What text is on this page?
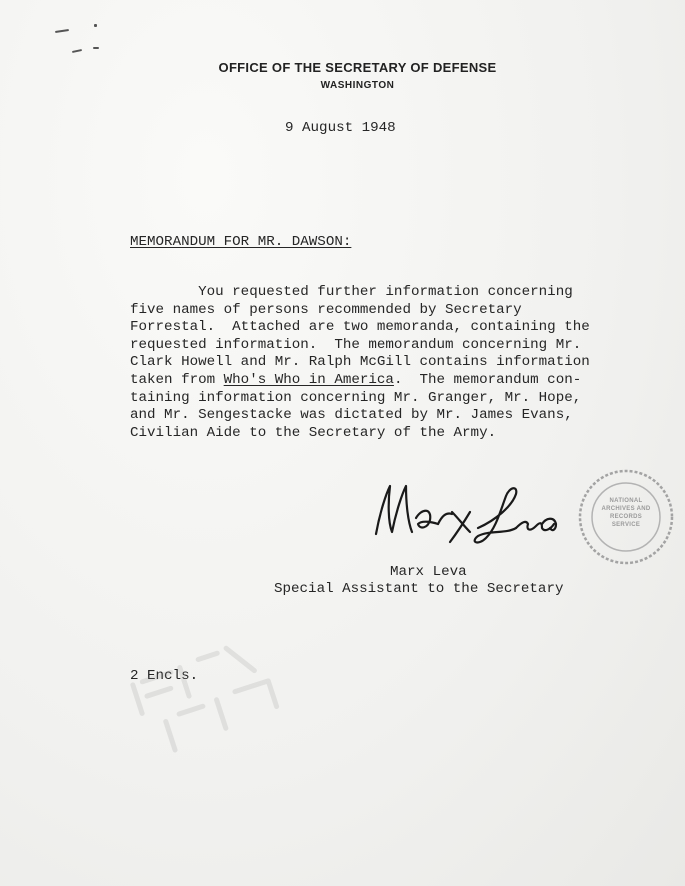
OFFICE OF THE SECRETARY OF DEFENSE
WASHINGTON
9 August 1948
MEMORANDUM FOR MR. DAWSON:
You requested further information concerning
five names of persons recommended by Secretary
Forrestal.  Attached are two memoranda, containing the
requested information.  The memorandum concerning Mr.
Clark Howell and Mr. Ralph McGill contains information
taken from Who's Who in America.  The memorandum con-
taining information concerning Mr. Granger, Mr. Hope,
and Mr. Sengestacke was dictated by Mr. James Evans,
Civilian Aide to the Secretary of the Army.
Marx Leva
Special Assistant to the Secretary
2 Encls.
NATIONAL
ARCHIVES AND
RECORDS
SERVICE
